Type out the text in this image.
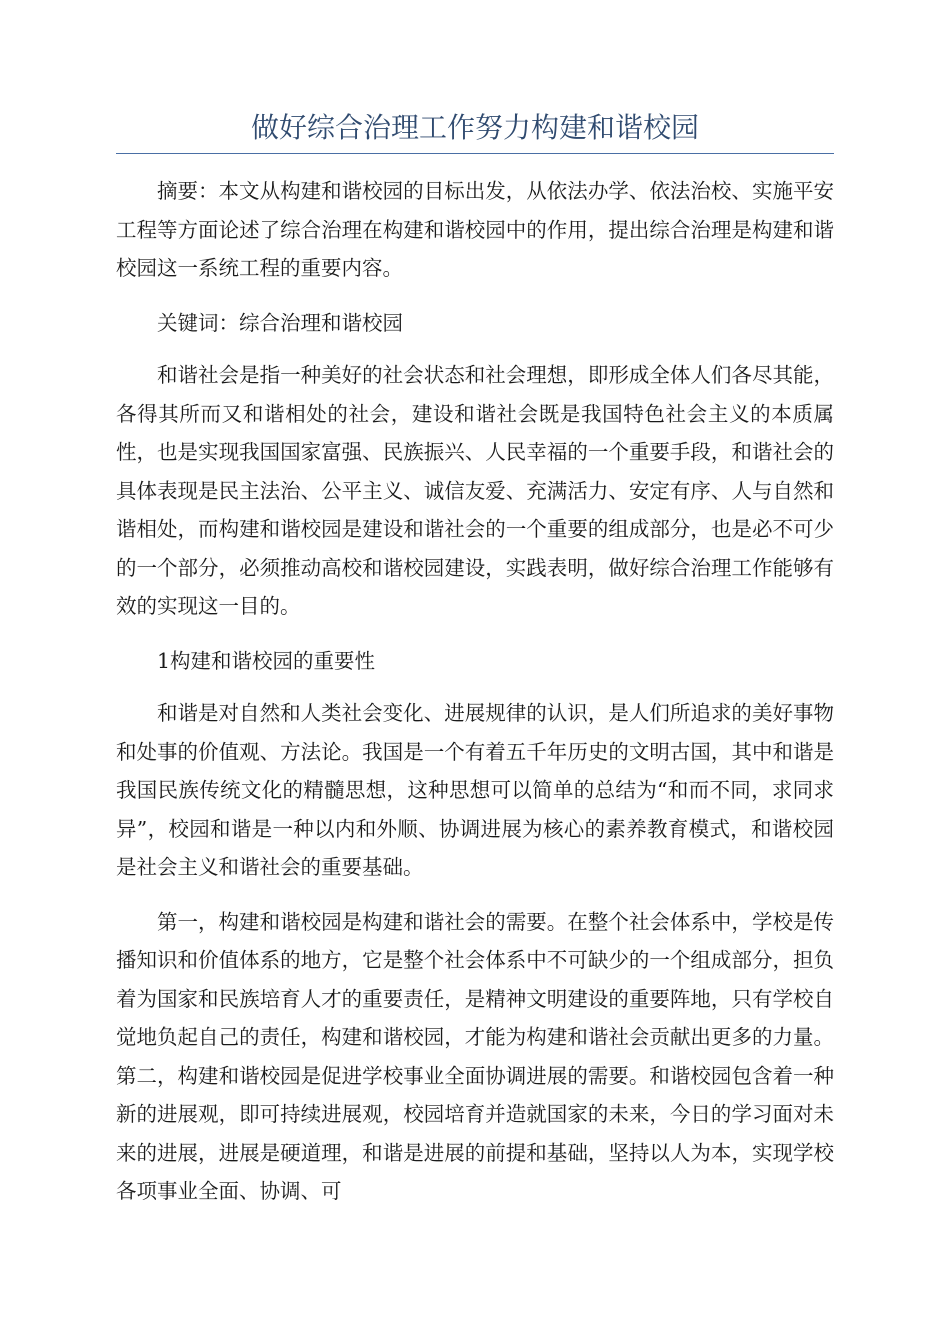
做好综合治理工作努力构建和谐校园

摘要：本文从构建和谐校园的目标出发，从依法办学、依法治校、实施平安工程等方面论述了综合治理在构建和谐校园中的作用，提出综合治理是构建和谐校园这一系统工程的重要内容。

关键词：综合治理和谐校园

和谐社会是指一种美好的社会状态和社会理想，即形成全体人们各尽其能，各得其所而又和谐相处的社会，建设和谐社会既是我国特色社会主义的本质属性，也是实现我国国家富强、民族振兴、人民幸福的一个重要手段，和谐社会的具体表现是民主法治、公平主义、诚信友爱、充满活力、安定有序、人与自然和谐相处，而构建和谐校园是建设和谐社会的一个重要的组成部分，也是必不可少的一个部分，必须推动高校和谐校园建设，实践表明，做好综合治理工作能够有效的实现这一目的。

1构建和谐校园的重要性

和谐是对自然和人类社会变化、进展规律的认识，是人们所追求的美好事物和处事的价值观、方法论。我国是一个有着五千年历史的文明古国，其中和谐是我国民族传统文化的精髓思想，这种思想可以简单的总结为“和而不同，求同求异”，校园和谐是一种以内和外顺、协调进展为核心的素养教育模式，和谐校园是社会主义和谐社会的重要基础。

第一，构建和谐校园是构建和谐社会的需要。在整个社会体系中，学校是传播知识和价值体系的地方，它是整个社会体系中不可缺少的一个组成部分，担负着为国家和民族培育人才的重要责任，是精神文明建设的重要阵地，只有学校自觉地负起自己的责任，构建和谐校园，才能为构建和谐社会贡献出更多的力量。第二，构建和谐校园是促进学校事业全面协调进展的需要。和谐校园包含着一种新的进展观，即可持续进展观，校园培育并造就国家的未来，今日的学习面对未来的进展，进展是硬道理，和谐是进展的前提和基础，坚持以人为本，实现学校各项事业全面、协调、可
